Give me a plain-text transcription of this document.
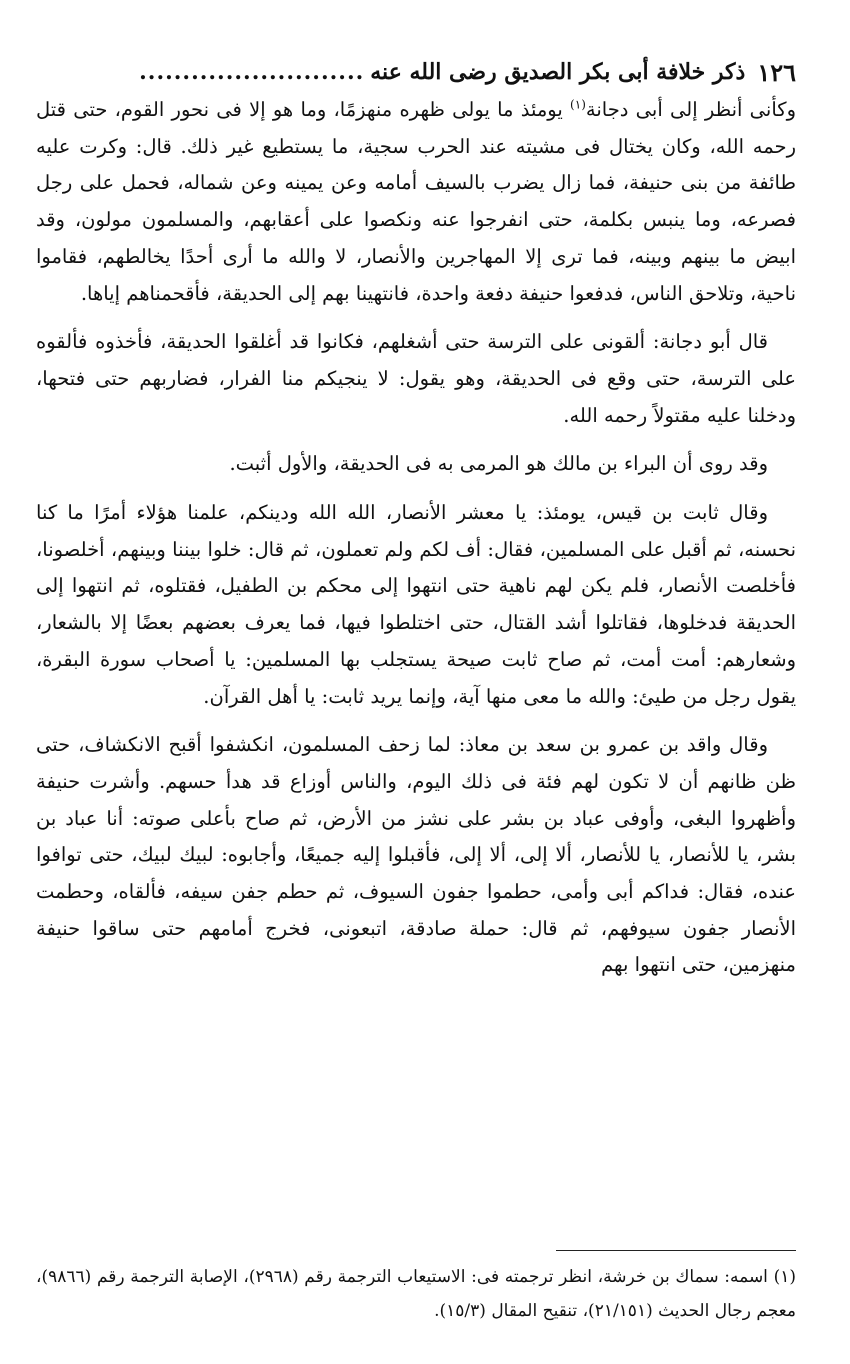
١٢٦
ذكر خلافة أبى بكر الصديق رضى الله عنه
..........................

وكأنى أنظر إلى أبى دجانة$^{(١)}$ يومئذ ما يولى ظهره منهزمًا، وما هو إلا فى نحور القوم، حتى قتل رحمه الله، وكان يختال فى مشيته عند الحرب سجية، ما يستطيع غير ذلك. قال: وكرت عليه طائفة من بنى حنيفة، فما زال يضرب بالسيف أمامه وعن يمينه وعن شماله، فحمل على رجل فصرعه، وما ينبس بكلمة، حتى انفرجوا عنه ونكصوا على أعقابهم، والمسلمون مولون، وقد ابيض ما بينهم وبينه، فما ترى إلا المهاجرين والأنصار، لا والله ما أرى أحدًا يخالطهم، فقاموا ناحية، وتلاحق الناس، فدفعوا حنيفة دفعة واحدة، فانتهينا بهم إلى الحديقة، فأقحمناهم إياها.

قال أبو دجانة: ألقونى على الترسة حتى أشغلهم، فكانوا قد أغلقوا الحديقة، فأخذوه فألقوه على الترسة، حتى وقع فى الحديقة، وهو يقول: لا ينجيكم منا الفرار، فضاربهم حتى فتحها، ودخلنا عليه مقتولاً رحمه الله.

وقد روى أن البراء بن مالك هو المرمى به فى الحديقة، والأول أثبت.

وقال ثابت بن قيس، يومئذ: يا معشر الأنصار، الله الله ودينكم، علمنا هؤلاء أمرًا ما كنا نحسنه، ثم أقبل على المسلمين، فقال: أف لكم ولم تعملون، ثم قال: خلوا بيننا وبينهم، أخلصونا، فأخلصت الأنصار، فلم يكن لهم ناهية حتى انتهوا إلى محكم بن الطفيل، فقتلوه، ثم انتهوا إلى الحديقة فدخلوها، فقاتلوا أشد القتال، حتى اختلطوا فيها، فما يعرف بعضهم بعضًا إلا بالشعار، وشعارهم: أمت أمت، ثم صاح ثابت صيحة يستجلب بها المسلمين: يا أصحاب سورة البقرة، يقول رجل من طيئ: والله ما معى منها آية، وإنما يريد ثابت: يا أهل القرآن.

وقال واقد بن عمرو بن سعد بن معاذ: لما زحف المسلمون، انكشفوا أقبح الانكشاف، حتى ظن ظانهم أن لا تكون لهم فئة فى ذلك اليوم، والناس أوزاع قد هدأ حسهم. وأشرت حنيفة وأظهروا البغى، وأوفى عباد بن بشر على نشز من الأرض، ثم صاح بأعلى صوته: أنا عباد بن بشر، يا للأنصار، يا للأنصار، ألا إلى، ألا إلى، فأقبلوا إليه جميعًا، وأجابوه: لبيك لبيك، حتى توافوا عنده، فقال: فداكم أبى وأمى، حطموا جفون السيوف، ثم حطم جفن سيفه، فألقاه، وحطمت الأنصار جفون سيوفهم، ثم قال: حملة صادقة، اتبعونى، فخرج أمامهم حتى ساقوا حنيفة منهزمين، حتى انتهوا بهم

(١) اسمه: سماك بن خرشة، انظر ترجمته فى: الاستيعاب الترجمة رقم (٢٩٦٨)، الإصابة الترجمة رقم (٩٨٦٦)، معجم رجال الحديث (٢١/١٥١)، تنقيح المقال (١٥/٣).
